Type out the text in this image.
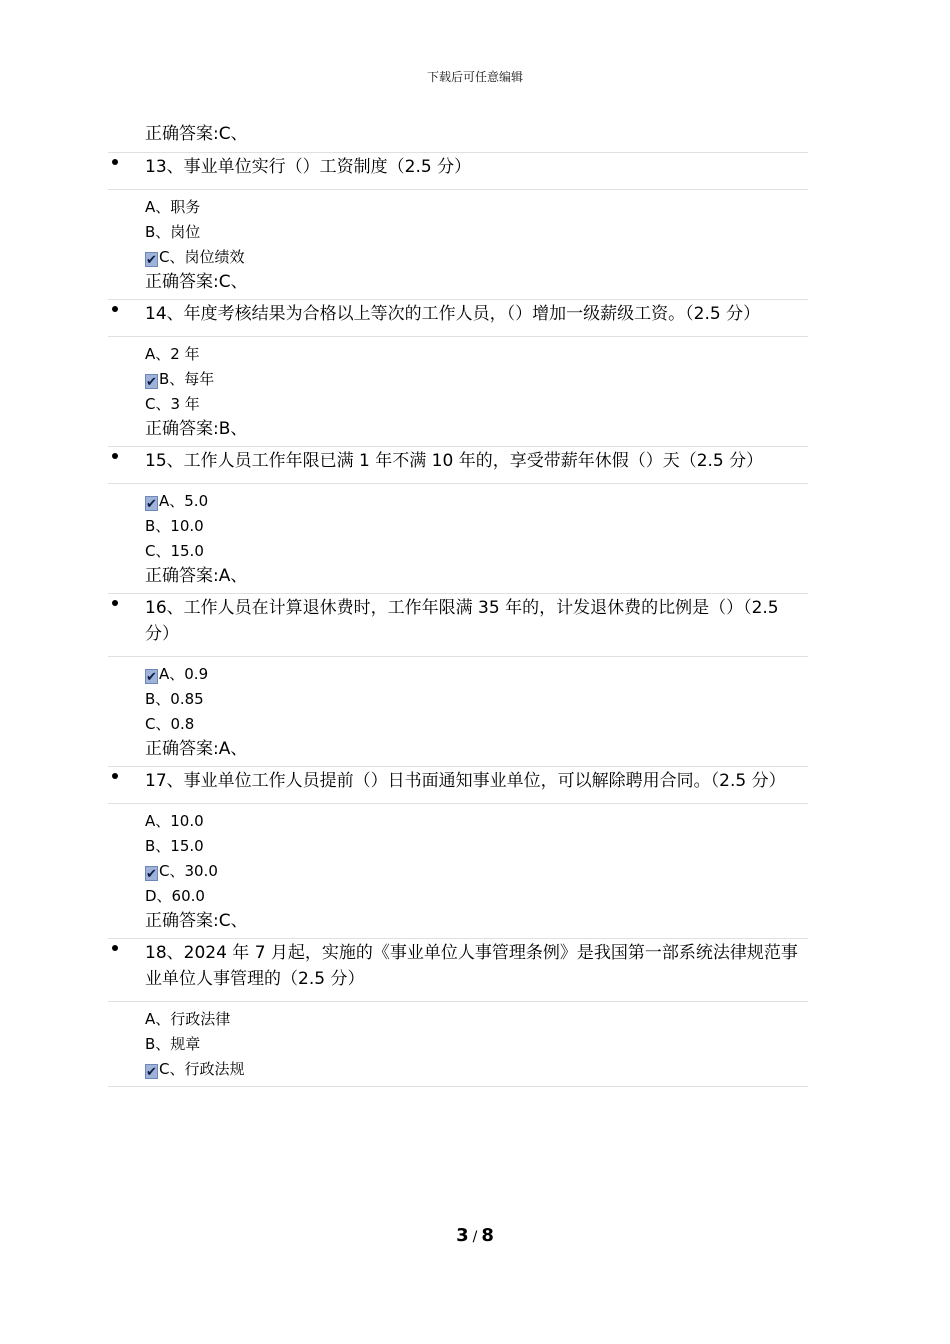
下载后可任意编辑
正确答案:C、
13、事业单位实行（）工资制度（2.5 分）
A、职务
B、岗位
✔ C、岗位绩效
正确答案:C、
14、年度考核结果为合格以上等次的工作人员，（）增加一级薪级工资。（2.5 分）
A、2 年
✔ B、每年
C、3 年
正确答案:B、
15、工作人员工作年限已满 1 年不满 10 年的，享受带薪年休假（）天（2.5 分）
✔ A、5.0
B、10.0
C、15.0
正确答案:A、
16、工作人员在计算退休费时，工作年限满 35 年的，计发退休费的比例是（）（2.5 分）
✔ A、0.9
B、0.85
C、0.8
正确答案:A、
17、事业单位工作人员提前（）日书面通知事业单位，可以解除聘用合同。（2.5 分）
A、10.0
B、15.0
✔ C、30.0
D、60.0
正确答案:C、
18、2024 年 7 月起，实施的《事业单位人事管理条例》是我国第一部系统法律规范事业单位人事管理的（2.5 分）
A、行政法律
B、规章
✔ C、行政法规
3 / 8
